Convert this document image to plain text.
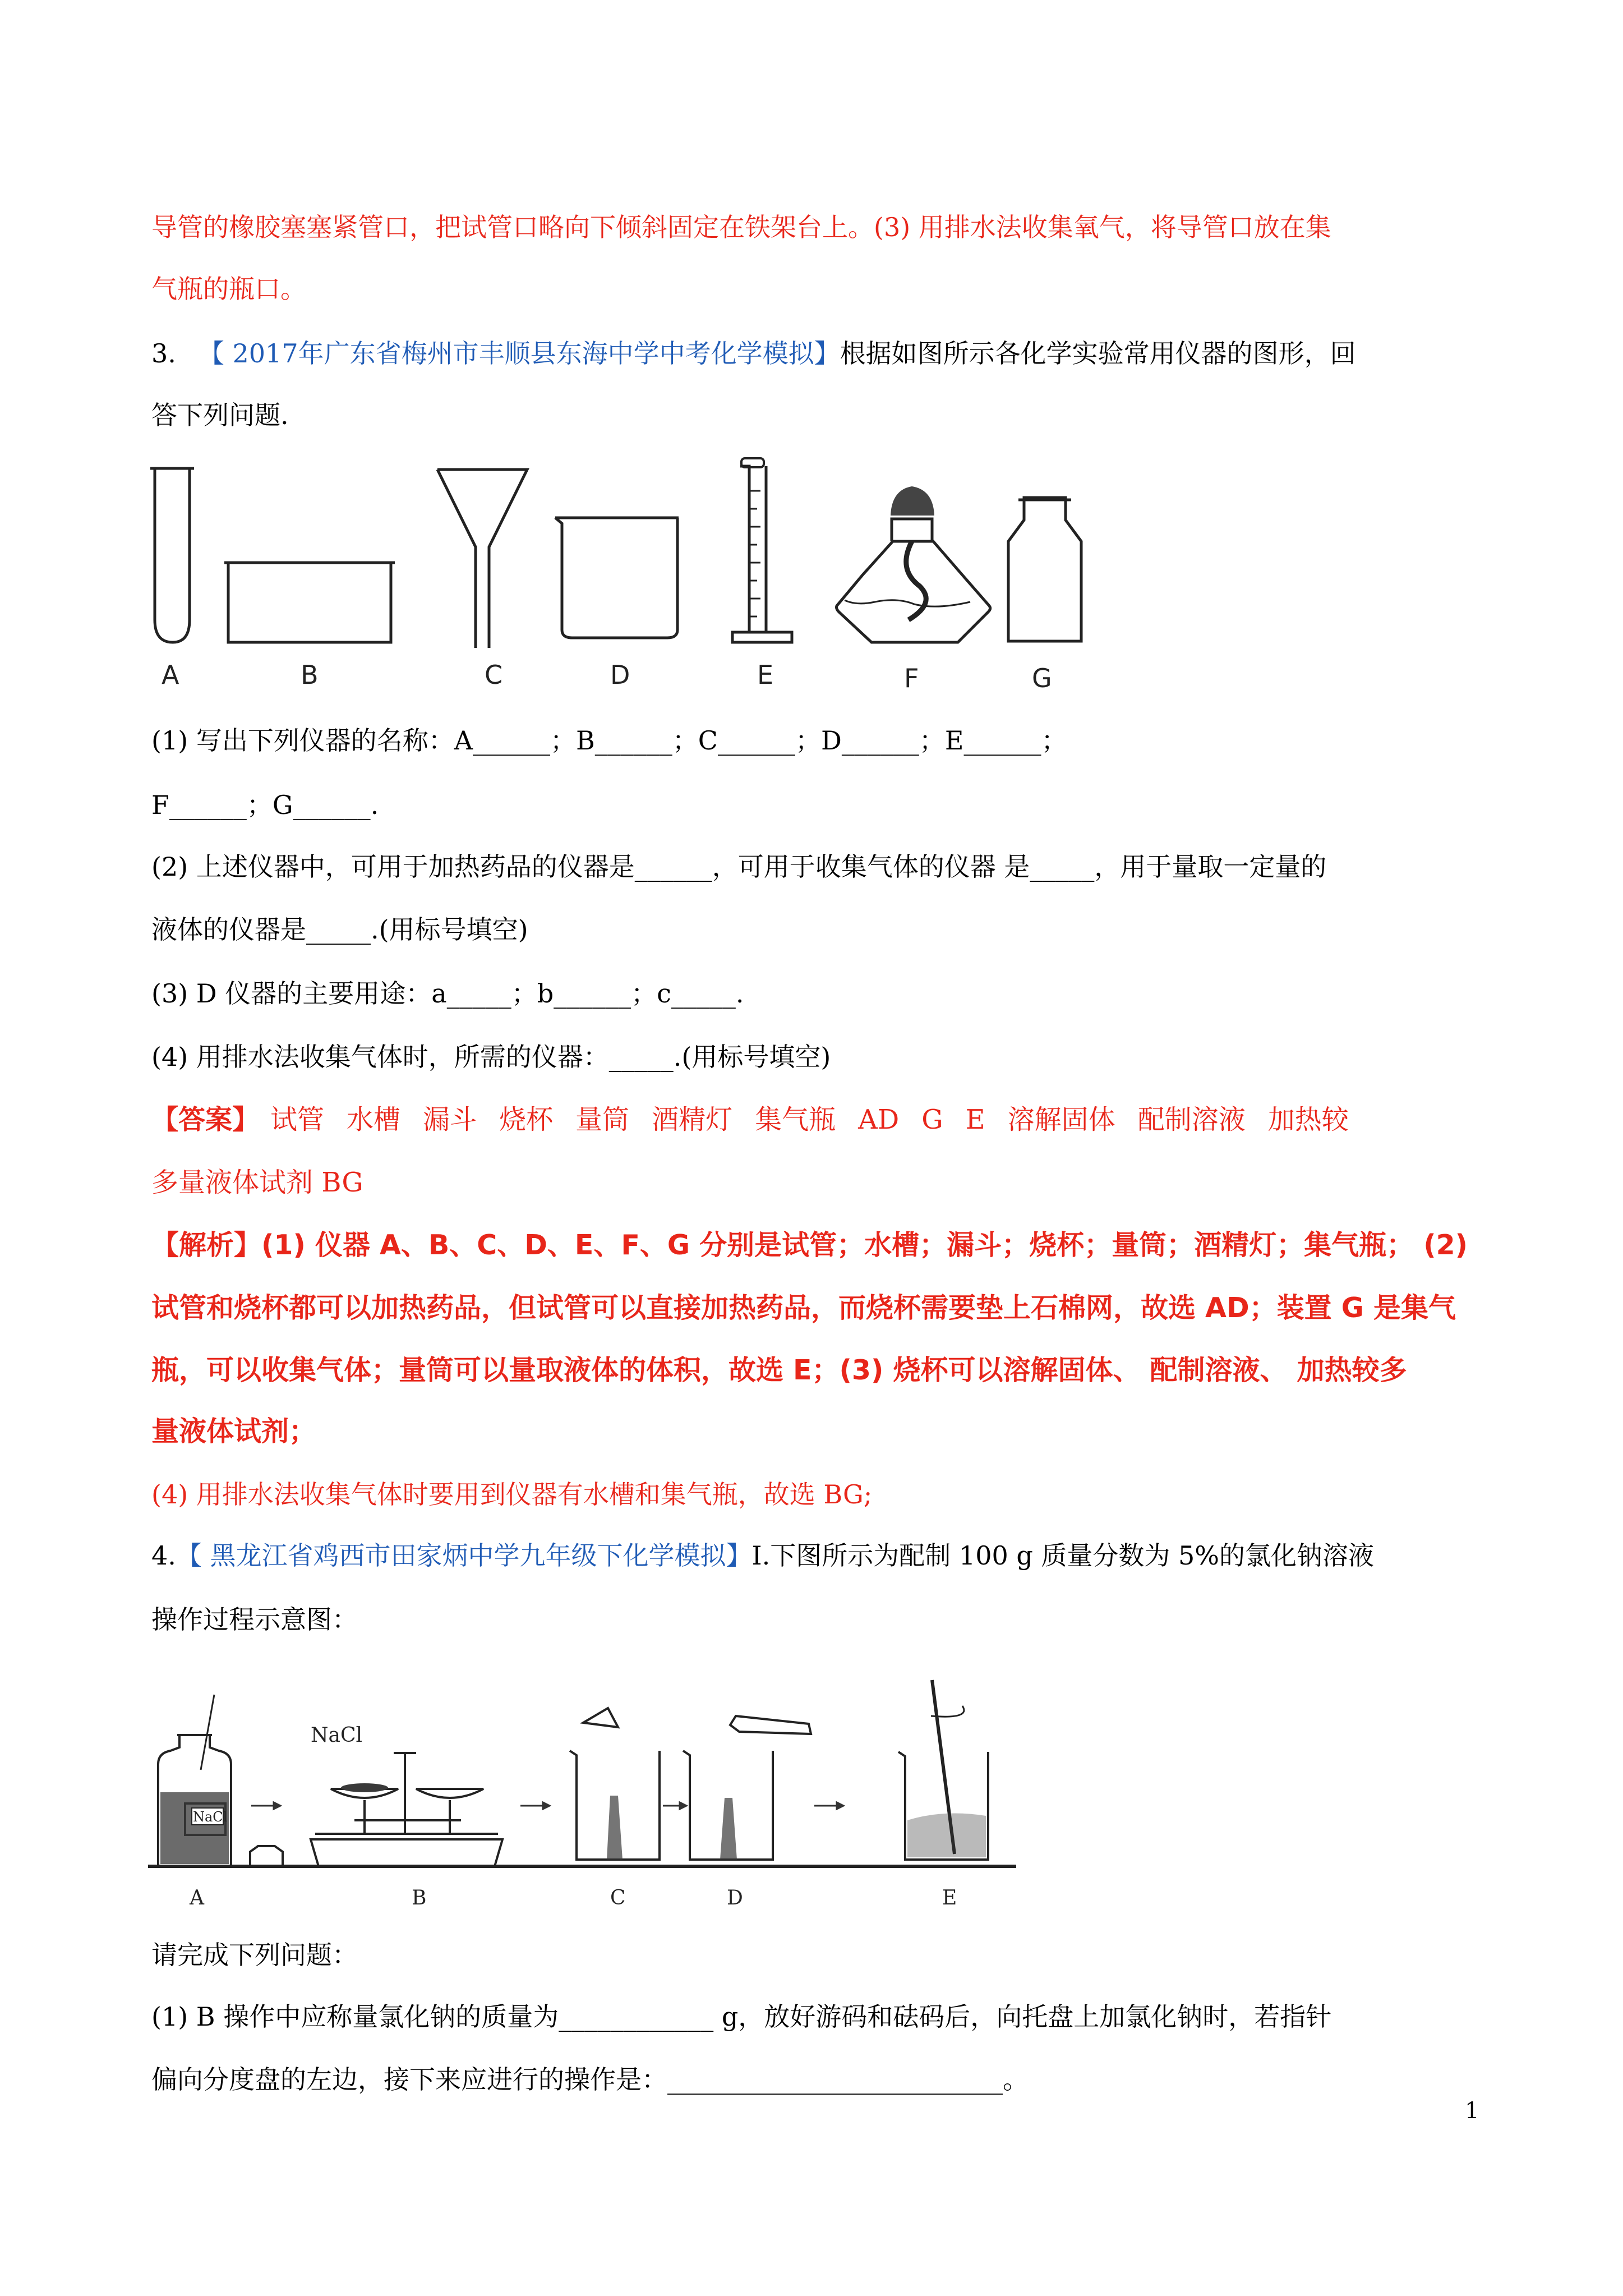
导管的橡胶塞塞紧管口，把试管口略向下倾斜固定在铁架台上。(3) 用排水法收集氧气，将导管口放在集
气瓶的瓶口。
3. 【 2017年广东省梅州市丰顺县东海中学中考化学模拟】根据如图所示各化学实验常用仪器的图形，回
答下列问题.
A	B	C	D	E	F	G
(1) 写出下列仪器的名称：A______；B______；C______；D______；E______；
F______；G______.
(2) 上述仪器中，可用于加热药品的仪器是______，可用于收集气体的仪器 是_____，用于量取一定量的
液体的仪器是_____.(用标号填空)
(3) D 仪器的主要用途：a_____；b______；c_____.
(4) 用排水法收集气体时，所需的仪器：_____.(用标号填空)
【答案】 试管 水槽 漏斗 烧杯 量筒 酒精灯 集气瓶 AD G E 溶解固体 配制溶液 加热较
多量液体试剂 BG
【解析】(1) 仪器 A、B、C、D、E、F、G 分别是试管；水槽；漏斗；烧杯；量筒；酒精灯；集气瓶； (2)
试管和烧杯都可以加热药品，但试管可以直接加热药品，而烧杯需要垫上石棉网，故选 AD；装置 G 是集气
瓶，可以收集气体；量筒可以量取液体的体积，故选 E；(3) 烧杯可以溶解固体、 配制溶液、 加热较多
量液体试剂；
(4) 用排水法收集气体时要用到仪器有水槽和集气瓶，故选 BG;
4.【 黑龙江省鸡西市田家炳中学九年级下化学模拟】I.下图所示为配制 100 g 质量分数为 5%的氯化钠溶液
操作过程示意图：
NaCl
NaCl
A	B	C	D	E
请完成下列问题：
(1) B 操作中应称量氯化钠的质量为____________ g，放好游码和砝码后，向托盘上加氯化钠时，若指针
偏向分度盘的左边，接下来应进行的操作是：__________________________。
1
